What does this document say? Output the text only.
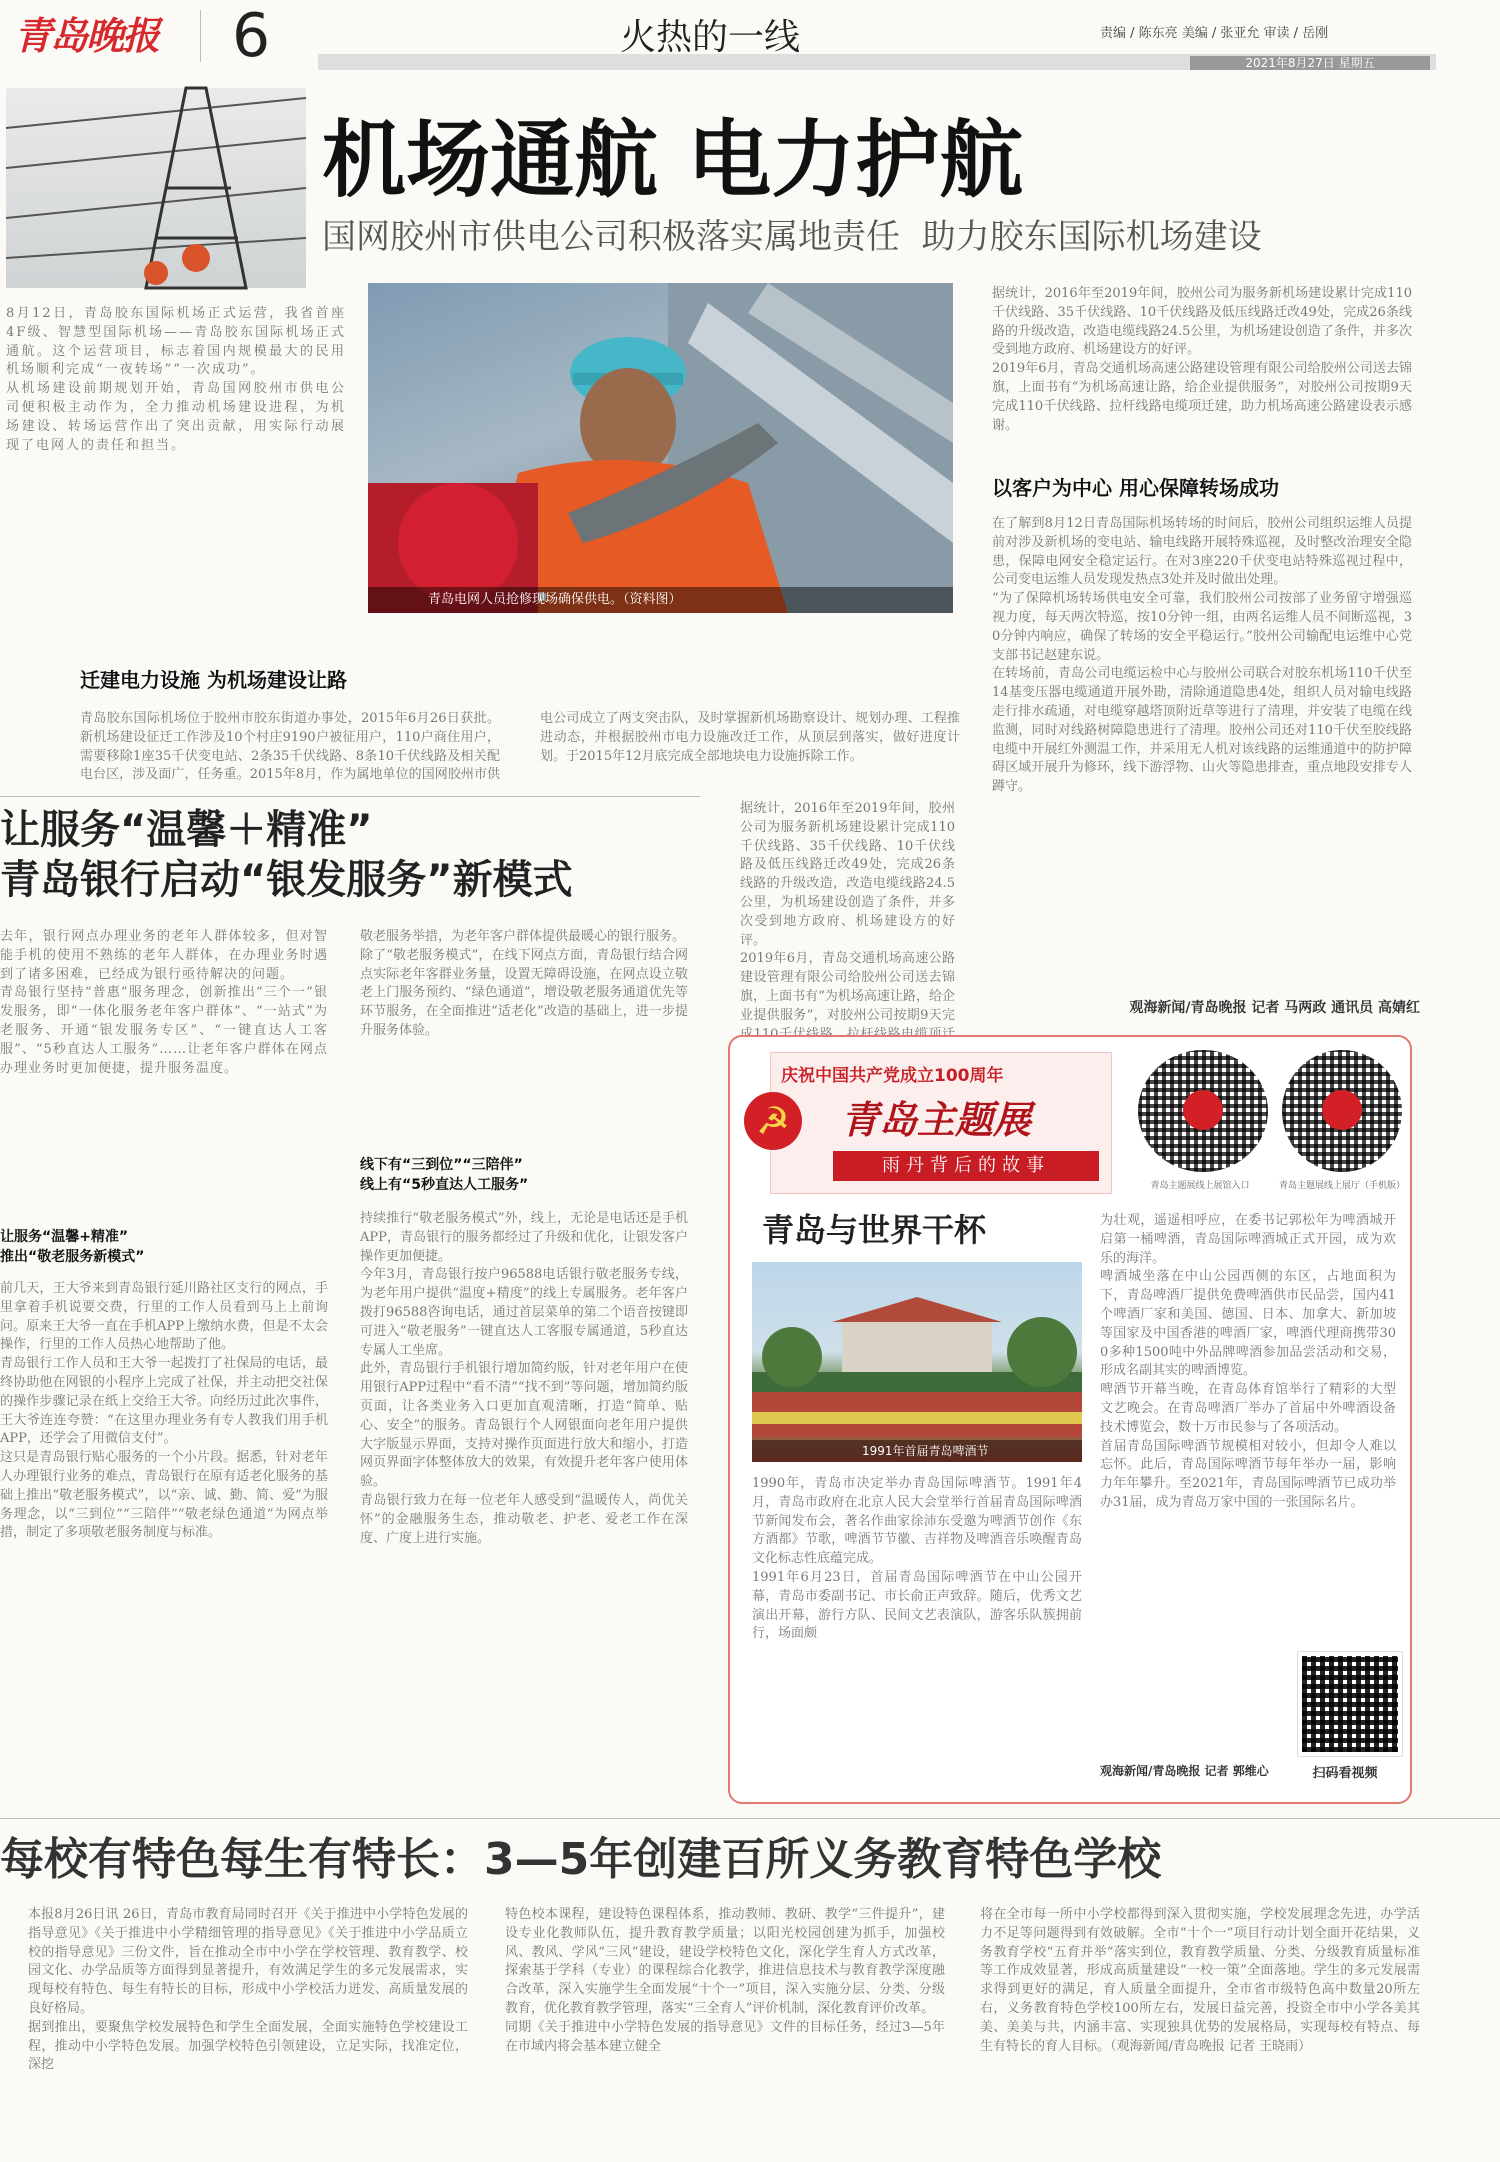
青岛晚报 6	火热的一线	责编 / 陈东亮 美编 / 张亚允 审读 / 岳刚
2021年8月27日 星期五
机场通航 电力护航
国网胶州市供电公司积极落实属地责任  助力胶东国际机场建设
8月12日，青岛胶东国际机场正式运营，我省首座4F级、智慧型国际机场——青岛胶东国际机场正式通航。这个运营项目，标志着国内规模最大的民用机场顺利完成“一夜转场”“一次成功”。
从机场建设前期规划开始，青岛国网胶州市供电公司便积极主动作为，全力推动机场建设进程，为机场建设、转场运营作出了突出贡献，用实际行动展现了电网人的责任和担当。
青岛电网人员抢修现场确保供电。（资料图）
迁建电力设施 为机场建设让路
青岛胶东国际机场位于胶州市胶东街道办事处，2015年6月26日获批。新机场建设征迁工作涉及10个村庄9190户被征用户，110户商住用户，需要移除1座35千伏变电站、2条35千伏线路、8条10千伏线路及相关配电台区，涉及面广，任务重。2015年8月，作为属地单位的国网胶州市供电公司成立了两支突击队，及时掌握新机场勘察设计、规划办理、工程推进动态，并根据胶州市电力设施改迁工作，从顶层到落实，做好进度计划。于2015年12月底完成全部地块电力设施拆除工作。
据统计，2016年至2019年间，胶州公司为服务新机场建设累计完成110千伏线路、35千伏线路、10千伏线路及低压线路迁改49处，完成26条线路的升级改造，改造电缆线路24.5公里，为机场建设创造了条件，并多次受到地方政府、机场建设方的好评。
2019年6月，青岛交通机场高速公路建设管理有限公司给胶州公司送去锦旗，上面书有“为机场高速让路，给企业提供服务”，对胶州公司按期9天完
据统计，2016年至2019年间，胶州公司为服务新机场建设累计完成110千伏线路、35千伏线路、10千伏线路及低压线路迁改49处，完成26条线路的升级改造，改造电缆线路24.5公里，为机场建设创造了条件，并多次受到地方政府、机场建设方的好评。
2019年6月，青岛交通机场高速公路建设管理有限公司给胶州公司送去锦旗，上面书有“为机场高速让路，给企业提供服务”，对胶州公司按期9天完成110千伏线路、拉杆线路电缆项迁建，助力机场高速公路建设表示感谢。
以客户为中心 用心保障转场成功
在了解到8月12日青岛国际机场转场的时间后，胶州公司组织运维人员提前对涉及新机场的变电站、输电线路开展特殊巡视，及时整改治理安全隐患，保障电网安全稳定运行。在对3座220千伏变电站特殊巡视过程中，公司变电运维人员发现发热点3处并及时做出处理。
“为了保障机场转场供电安全可靠，我们胶州公司按部了业务留守增强巡视力度，每天两次特巡，按10分钟一组，由两名运维人员不间断巡视，30分钟内响应，确保了转场的安全平稳运行。”胶州公司输配电运维中心党支部书记赵建东说。
在转场前，青岛公司电缆运检中心与胶州公司联合对胶东机场110千伏至14基变压器电缆通道开展外勘，清除通道隐患4处，组织人员对输电线路走行排水疏通，对电缆穿越塔顶附近草等进行了清理，并安装了电缆在线监测，同时对线路树障隐患进行了清理。胶州公司还对110千伏至胶线路电缆中开展红外测温工作，并采用无人机对该线路的运维通道中的防护障碍区域开展升为修环，线下游浮物、山火等隐患排查，重点地段安排专人蹲守。
观海新闻/青岛晚报 记者 马两政 通讯员 高婧红
让服务“温馨＋精准”
青岛银行启动“银发服务”新模式
去年，银行网点办理业务的老年人群体较多，但对智能手机的使用不熟练的老年人群体，在办理业务时遇到了诸多困难，已经成为银行亟待解决的问题。
青岛银行坚持“普惠”服务理念，创新推出“三个一”银发服务，即“一体化服务老年客户群体”、“一站式”为老服务、开通“银发服务专区”、“一键直达人工客服”、“5秒直达人工服务”……让老年客户群体在网点办理业务时更加便捷，提升服务温度。
让服务“温馨+精准”
推出“敬老服务新模式”
前几天，王大爷来到青岛银行延川路社区支行的网点，手里拿着手机说要交费，行里的工作人员看到马上上前询问。原来王大爷一直在手机APP上缴纳水费，但是不太会操作，行里的工作人员热心地帮助了他。
青岛银行工作人员和王大爷一起拨打了社保局的电话，最终协助他在网银的小程序上完成了社保，并主动把交社保的操作步骤记录在纸上交给王大爷。向经历过此次事件，王大爷连连夸赞：“在这里办理业务有专人教我们用手机APP，还学会了用微信支付”。
这只是青岛银行贴心服务的一个小片段。据悉，针对老年人办理银行业务的难点，青岛银行在原有适老化服务的基础上推出“敬老服务模式”，以“亲、诚、勤、简、爱”为服务理念，以“三到位”“三陪伴”“敬老绿色通道”为网点举措，制定了多项敬老服务制度与标准。
敬老服务举措，为老年客户群体提供最暖心的银行服务。
除了“敬老服务模式”，在线下网点方面，青岛银行结合网点实际老年客群业务量，设置无障碍设施，在网点设立敬老上门服务预约、“绿色通道”，增设敬老服务通道优先等环节服务，在全面推进“适老化”改造的基础上，进一步提升服务体验。
线下有“三到位”“三陪伴”
线上有“5秒直达人工服务”
持续推行“敬老服务模式”外，线上，无论是电话还是手机APP，青岛银行的服务都经过了升级和优化，让银发客户操作更加便捷。
今年3月，青岛银行按户96588电话银行敬老服务专线，为老年用户提供“温度+精度”的线上专属服务。老年客户拨打96588咨询电话，通过首层菜单的第二个语音按键即可进入“敬老服务”一键直达人工客服专属通道，5秒直达专属人工坐席。
此外，青岛银行手机银行增加简约版，针对老年用户在使用银行APP过程中“看不清”“找不到”等问题，增加简约版页面，让各类业务入口更加直观清晰，打造“简单、贴心、安全”的服务。青岛银行个人网银面向老年用户提供大字版显示界面，支持对操作页面进行放大和缩小，打造网页界面字体整体放大的效果，有效提升老年客户使用体验。
青岛银行致力在每一位老年人感受到“温暖传人，尚优关怀”的金融服务生态，推动敬老、护老、爱老工作在深度、广度上进行实施。
庆祝中国共产党成立100周年
青岛主题展
雨丹背后的故事
☭
青岛主题展线上展馆入口	青岛主题展线上展厅（手机版）
青岛与世界干杯
1991年首届青岛啤酒节
为壮观，遥遥相呼应，在委书记郭松年为啤酒城开启第一桶啤酒，青岛国际啤酒城正式开园，成为欢乐的海洋。
啤酒城坐落在中山公园西侧的东区，占地面积为下，青岛啤酒厂提供免费啤酒供市民品尝，国内41个啤酒厂家和美国、德国、日本、加拿大、新加坡等国家及中国香港的啤酒厂家，啤酒代理商携带300多种1500吨中外品牌啤酒参加品尝活动和交易，形成名副其实的啤酒博览。
啤酒节开幕当晚，在青岛体育馆举行了精彩的大型文艺晚会。在青岛啤酒厂举办了首届中外啤酒设备技术博览会，数十万市民参与了各项活动。
首届青岛国际啤酒节规模相对较小，但却令人难以忘怀。此后，青岛国际啤酒节每年举办一届，影响力年年攀升。至2021年，青岛国际啤酒节已成功举办31届，成为青岛万家中国的一张国际名片。
1990年，青岛市决定举办青岛国际啤酒节。1991年4月，青岛市政府在北京人民大会堂举行首届青岛国际啤酒节新闻发布会，著名作曲家徐沛东受邀为啤酒节创作《东方酒都》节歌，啤酒节节徽、吉祥物及啤酒音乐唤醒青岛文化标志性底蕴完成。
1991年6月23日，首届青岛国际啤酒节在中山公园开幕，青岛市委副书记、市长俞正声致辞。随后，优秀文艺演出开幕，游行方队、民间文艺表演队，游客乐队簇拥前行，场面颇
扫码看视频
观海新闻/青岛晚报 记者 郭维心
每校有特色每生有特长：3—5年创建百所义务教育特色学校
本报8月26日讯 26日，青岛市教育局同时召开《关于推进中小学特色发展的指导意见》《关于推进中小学精细管理的指导意见》《关于推进中小学品质立校的指导意见》三份文件，旨在推动全市中小学在学校管理、教育教学、校园文化、办学品质等方面得到显著提升，有效满足学生的多元发展需求，实现每校有特色、每生有特长的目标，形成中小学校活力迸发、高质量发展的良好格局。
据到推出，要聚焦学校发展特色和学生全面发展，全面实施特色学校建设工程，推动中小学特色发展。加强学校特色引领建设，立足实际，找准定位，深挖
特色校本课程，建设特色课程体系，推动教师、教研、教学“三件提升”，建设专业化教师队伍，提升教育教学质量；以阳光校园创建为抓手，加强校风、教风、学风“三风”建设，建设学校特色文化，深化学生育人方式改革，探索基于学科（专业）的课程综合化教学，推进信息技术与教育教学深度融合改革，深入实施学生全面发展“十个一”项目，深入实施分层、分类、分级教育，优化教育教学管理，落实“三全育人”评价机制，深化教育评价改革。
同期《关于推进中小学特色发展的指导意见》文件的目标任务，经过3—5年在市域内将会基本建立健全
将在全市每一所中小学校都得到深入贯彻实施，学校发展理念先进，办学活力不足等问题得到有效破解。全市“十个一”项目行动计划全面开花结果，义务教育学校“五育并举”落实到位，教育教学质量、分类、分级教育质量标准等工作成效显著，形成高质量建设“一校一策”全面落地。学生的多元发展需求得到更好的满足，育人质量全面提升，全市省市级特色高中数量20所左右，义务教育特色学校100所左右，发展日益完善，投资全市中小学各美其美、美美与共，内涵丰富、实现独具优势的发展格局，实现每校有特点、每生有特长的育人目标。（观海新闻/青岛晚报 记者 王晓雨）
